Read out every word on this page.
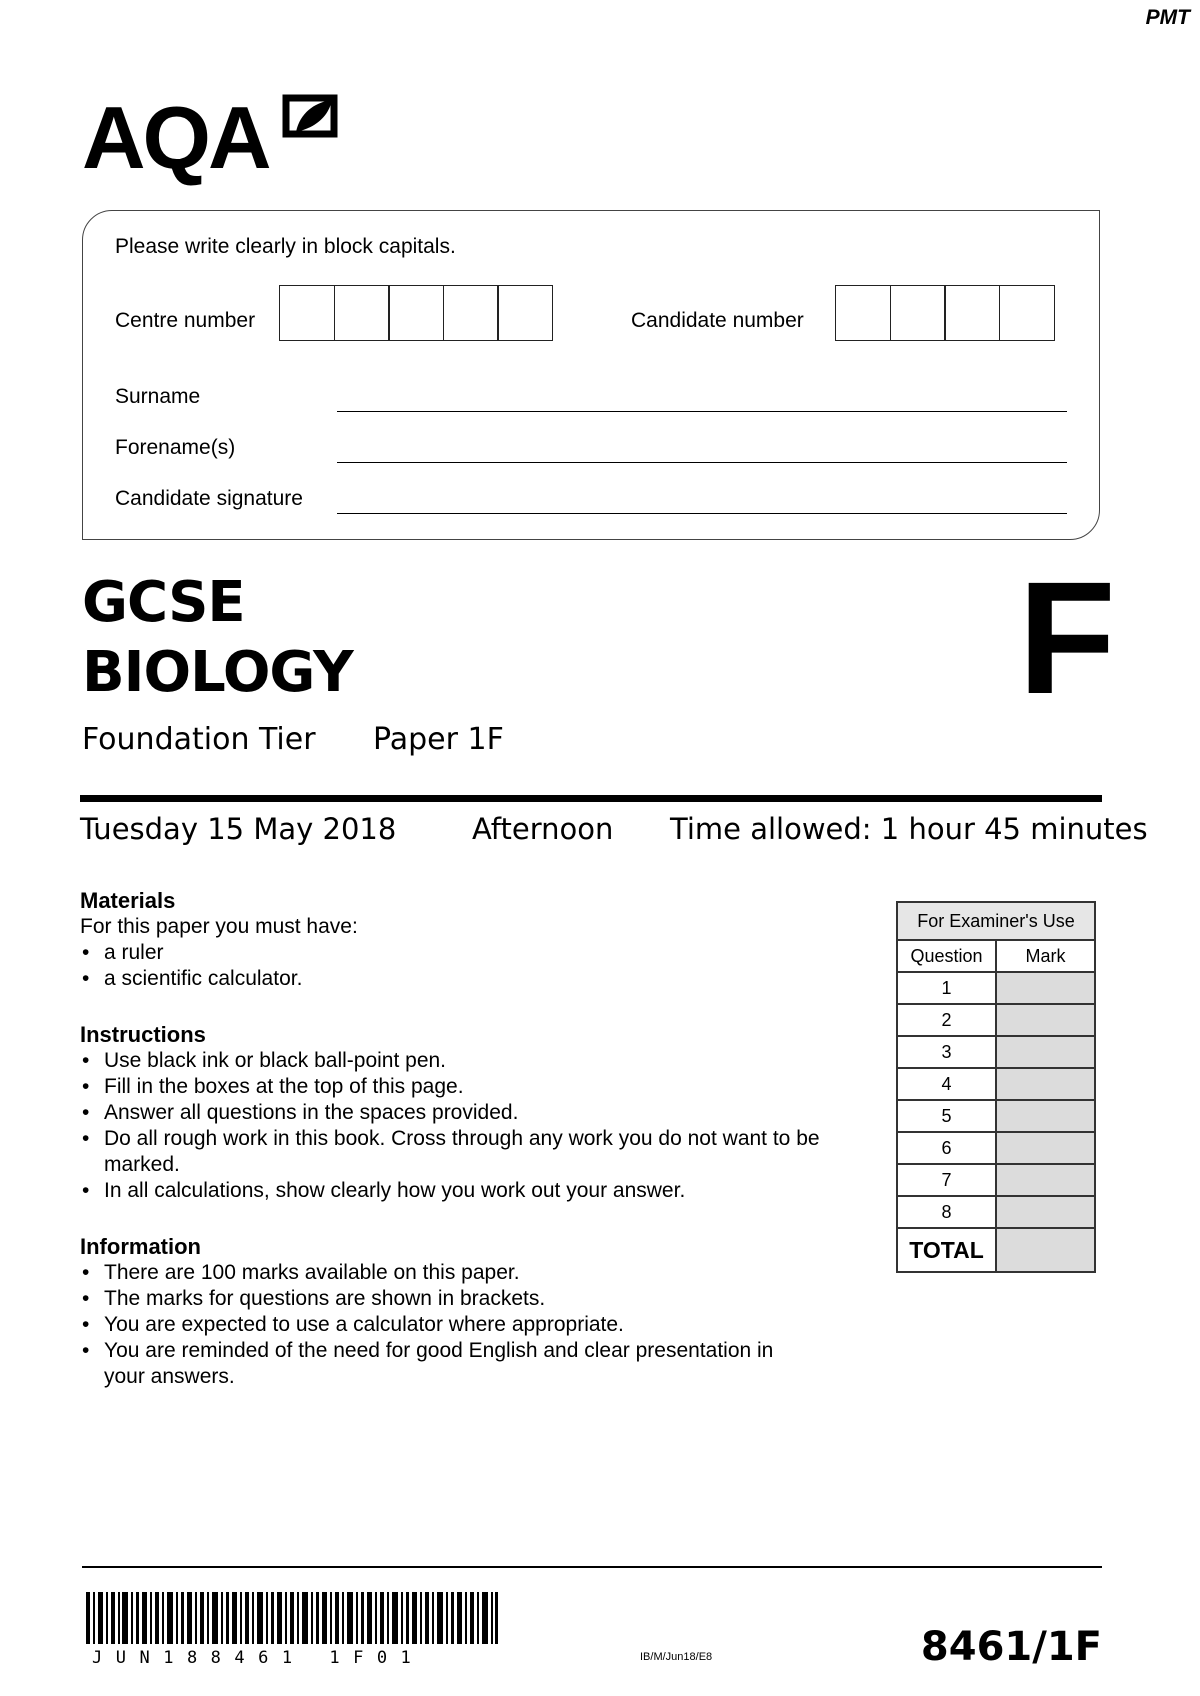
PMT
AQA
Please write clearly in block capitals.
Centre number	Candidate number
Surname
Forename(s)
Candidate signature
GCSE
BIOLOGY
Foundation Tier Paper 1F
F
Tuesday 15 May 2018	Afternoon Time allowed: 1 hour 45 minutes

Materials

For this paper you must have:

• a ruler
• a scientific calculator.

Instructions

• Use black ink or black ball-point pen.
• Fill in the boxes at the top of this page.
• Answer all questions in the spaces provided.
• Do all rough work in this book. Cross through any work you do not want to be marked.
• In all calculations, show clearly how you work out your answer.

Information

• There are 100 marks available on this paper.
• The marks for questions are shown in brackets.
• You are expected to use a calculator where appropriate.
• You are reminded of the need for good English and clear presentation in your answers.
For Examiner's Use	
Question	Mark
1	
2	
3	
4	
5	
6	
7	
8	
TOTAL	
JUN188461 1F01	IB/M/Jun18/E8	8461/1F
